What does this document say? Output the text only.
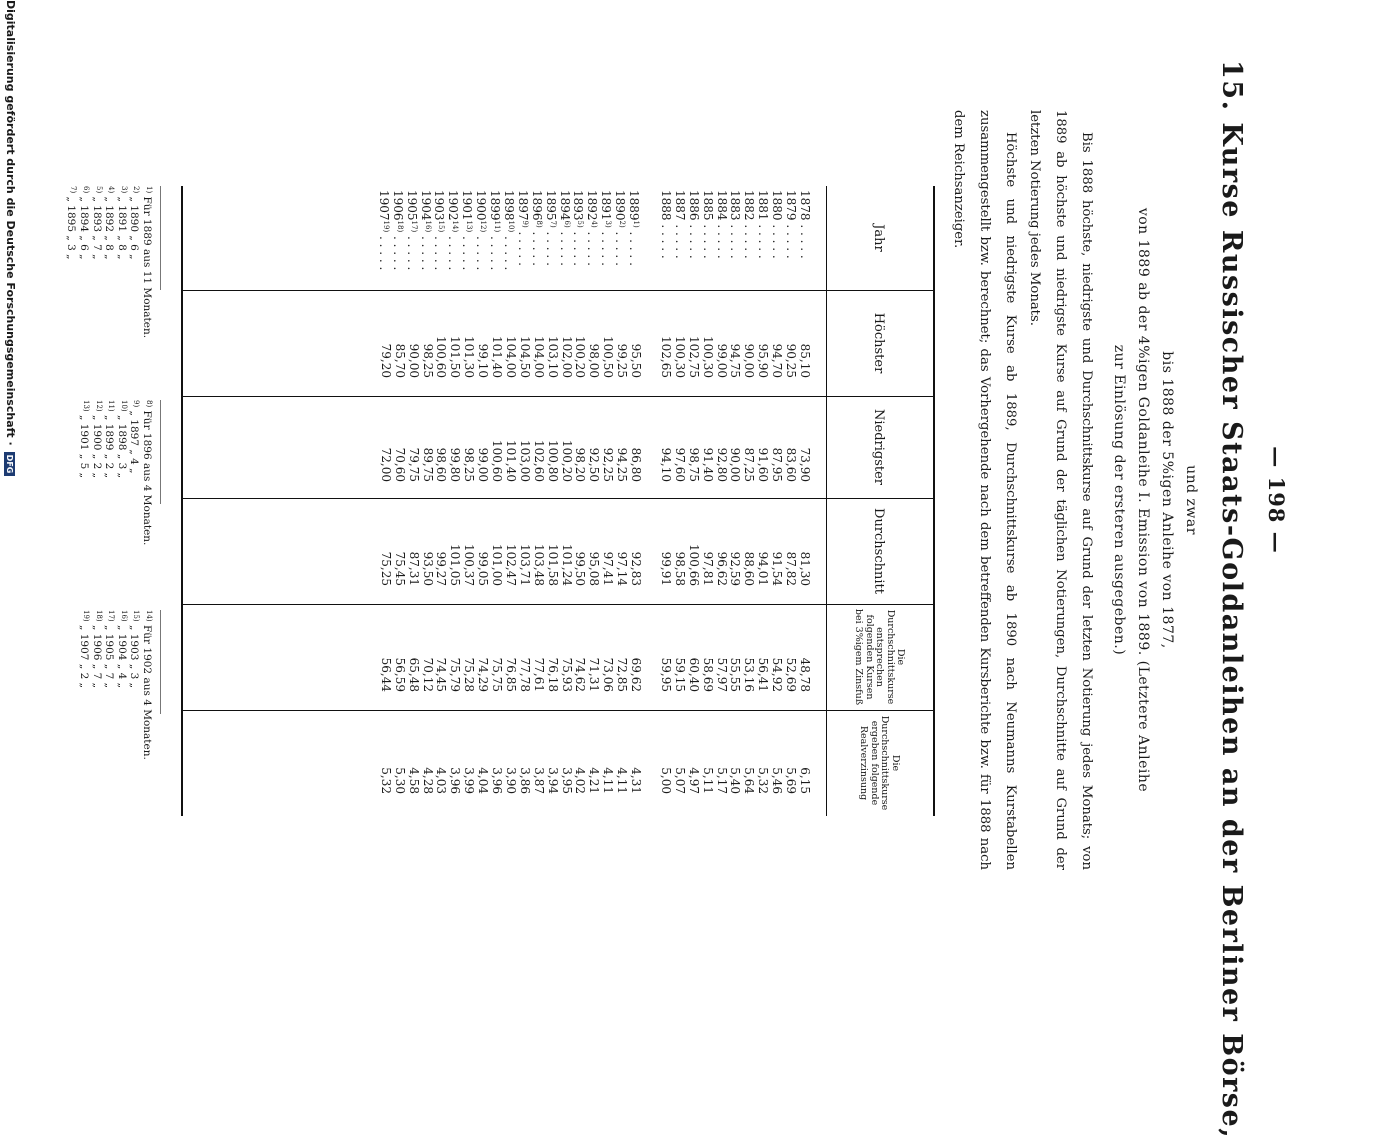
— 198 —
15. Kurse Russischer Staats-Goldanleihen an der Berliner Börse,
und zwar
bis 1888 der 5%igen Anleihe von 1877,
von 1889 ab der 4%igen Goldanleihe I. Emission von 1889. (Letztere Anleihe
zur Einlösung der ersteren ausgegeben.)

Bis 1888 höchste, niedrigste und Durchschnittskurse auf Grund der letzten Notierung jedes Monats; von 1889 ab höchste und niedrigste Kurse auf Grund der täglichen Notierungen, Durchschnitte auf Grund der letzten Notierung jedes Monats.

Höchste und niedrigste Kurse ab 1889, Durchschnittskurse ab 1890 nach Neumanns Kurstabellen zusammengestellt bzw. berechnet; das Vorhergehende nach dem betreffenden Kursberichte bzw. für 1888 nach dem Reichsanzeiger.

Jahr
Höchster
Niedrigster
Durchschnitt
Die Durchschnittskurse entsprechen folgenden Kursen bei 3%igem Zinsfuß
Die Durchschnittskurse ergeben folgende Realverzinsung
1878 . . . . .
85,10
73,90
81,30
48,78
6,15
1879 . . . . .
90,25
83,60
87,82
52,69
5,69
1880 . . . . .
94,70
87,95
91,54
54,92
5,46
1881 . . . . .
95,90
91,60
94,01
56,41
5,32
1882 . . . . .
90,00
87,25
88,60
53,16
5,64
1883 . . . . .
94,75
90,00
92,59
55,55
5,40
1884 . . . . .
99,00
92,80
96,62
57,97
5,17
1885 . . . . .
100,30
91,40
97,81
58,69
5,11
1886 . . . . .
102,75
98,75
100,66
60,40
4,97
1887 . . . . .
100,30
97,60
98,58
59,15
5,07
1888 . . . . .
102,65
94,10
99,91
59,95
5,00
1889$^{1)}$ . . . . .
95,50
86,80
92,83
69,62
4,31
1890$^{2)}$ . . . . .
99,25
94,25
97,14
72,85
4,11
1891$^{3)}$ . . . . .
100,50
92,25
97,41
73,06
4,11
1892$^{4)}$ . . . . .
98,00
92,50
95,08
71,31
4,21
1893$^{5)}$ . . . . .
100,20
98,20
99,50
74,62
4,02
1894$^{6)}$ . . . . .
102,00
100,20
101,24
75,93
3,95
1895$^{7)}$ . . . . .
103,10
100,80
101,58
76,18
3,94
1896$^{8)}$ . . . . .
104,00
102,60
103,48
77,61
3,87
1897$^{9)}$ . . . . .
104,50
103,00
103,71
77,78
3,86
1898$^{10)}$ . . . . .
104,00
101,40
102,47
76,85
3,90
1899$^{11)}$ . . . . .
101,40
100,60
101,00
75,75
3,96
1900$^{12)}$ . . . . .
99,10
99,00
99,05
74,29
4,04
1901$^{13)}$ . . . . .
101,30
98,25
100,37
75,28
3,99
1902$^{14)}$ . . . . .
101,50
99,80
101,05
75,79
3,96
1903$^{15)}$ . . . . .
100,60
98,60
99,27
74,45
4,03
1904$^{16)}$ . . . . .
98,25
89,75
93,50
70,12
4,28
1905$^{17)}$ . . . . .
90,00
79,75
87,31
65,48
4,58
1906$^{18)}$ . . . . .
85,70
70,60
75,45
56,59
5,30
1907$^{19)}$ . . . . .
79,20
72,00
75,25
56,44
5,32
$^{1)}$ Für 1889 aus 11 Monaten.
$^{2)}$ „ 1890 „ 6 „
$^{3)}$ „ 1891 „ 8 „
$^{4)}$ „ 1892 „ 8 „
$^{5)}$ „ 1893 „ 7 „
$^{6)}$ „ 1894 „ 6 „
$^{7)}$ „ 1895 „ 3 „
$^{8)}$ Für 1896 aus 4 Monaten.
$^{9)}$ „ 1897 „ 4 „
$^{10)}$ „ 1898 „ 3 „
$^{11)}$ „ 1899 „ 2 „
$^{12)}$ „ 1900 „ 2 „
$^{13)}$ „ 1901 „ 5 „
$^{14)}$ Für 1902 aus 4 Monaten.
$^{15)}$ „ 1903 „ 3 „
$^{16)}$ „ 1904 „ 4 „
$^{17)}$ „ 1905 „ 7 „
$^{18)}$ „ 1906 „ 7 „
$^{19)}$ „ 1907 „ 2 „
Digitalisierung gefördert durch die Deutsche Forschungsgemeinschaft ·DFG
